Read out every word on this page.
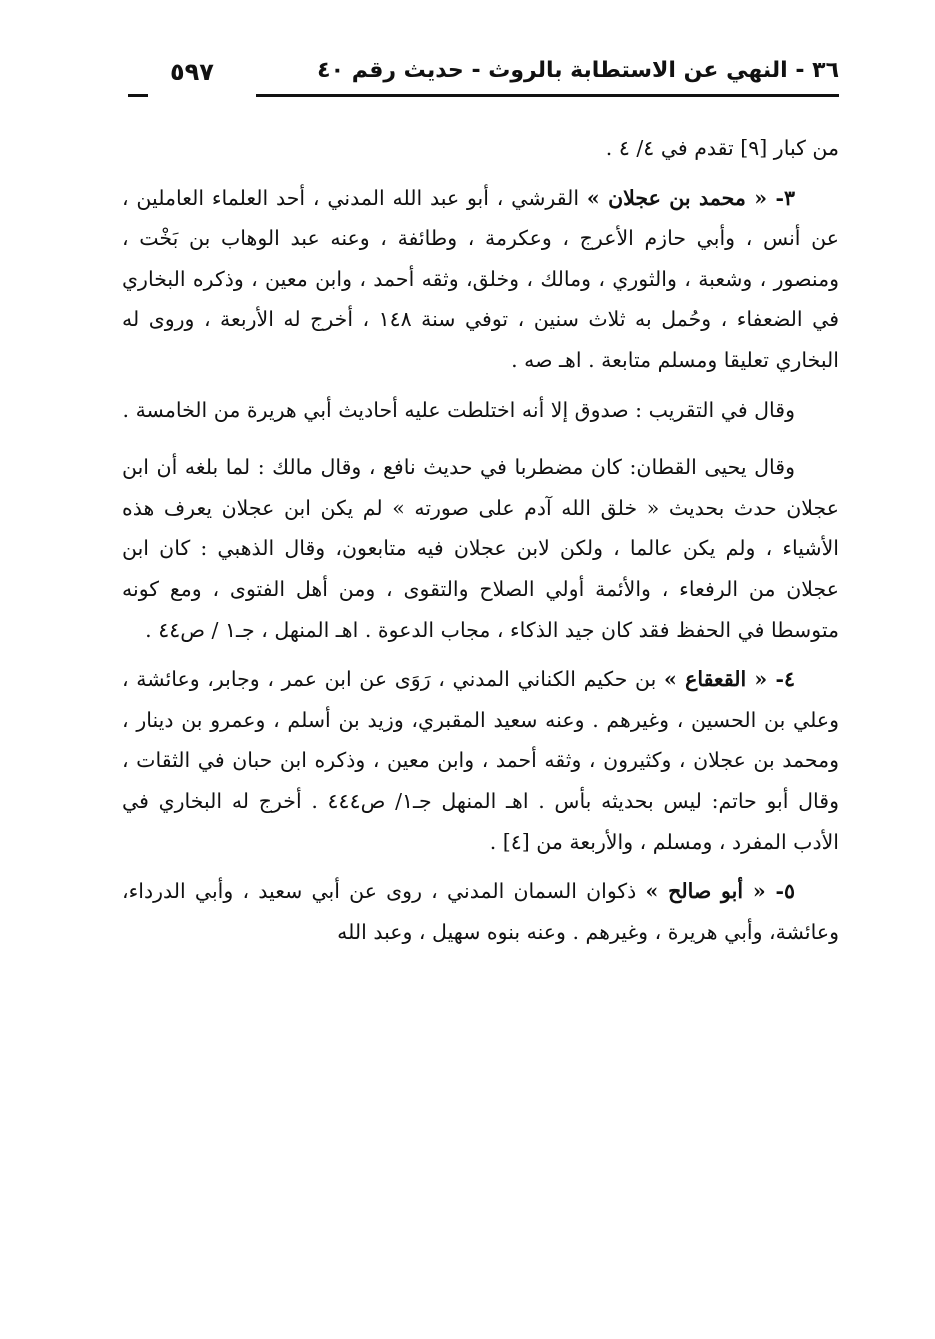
٣٦ - النهي عن الاستطابة بالروث - حديث رقم ٤٠
٥٩٧

من كبار [٩] تقدم في ٤/ ٤ .

٣- « محمد بن عجلان » القرشي ، أبو عبد الله المدني ، أحد العلماء العاملين ، عن أنس ، وأبي حازم الأعرج ، وعكرمة ، وطائفة ، وعنه عبد الوهاب بن بَخْت ، ومنصور ، وشعبة ، والثوري ، ومالك ، وخلق، وثقه أحمد ، وابن معين ، وذكره البخاري في الضعفاء ، وحُمل به ثلاث سنين ، توفي سنة ١٤٨ ، أخرج له الأربعة ، وروى له البخاري تعليقا ومسلم متابعة . اهـ صه .

وقال في التقريب : صدوق إلا أنه اختلطت عليه أحاديث أبي هريرة من الخامسة .

وقال يحيى القطان: كان مضطربا في حديث نافع ، وقال مالك : لما بلغه أن ابن عجلان حدث بحديث « خلق الله آدم على صورته » لم يكن ابن عجلان يعرف هذه الأشياء ، ولم يكن عالما ، ولكن لابن عجلان فيه متابعون، وقال الذهبي : كان ابن عجلان من الرفعاء ، والأئمة أولي الصلاح والتقوى ، ومن أهل الفتوى ، ومع كونه متوسطا في الحفظ فقد كان جيد الذكاء ، مجاب الدعوة . اهـ المنهل ، جـ١ / ص٤٤ .

٤- « القعقاع » بن حكيم الكناني المدني ، رَوَى عن ابن عمر ، وجابر، وعائشة ، وعلي بن الحسين ، وغيرهم . وعنه سعيد المقبري، وزيد بن أسلم ، وعمرو بن دينار ، ومحمد بن عجلان ، وكثيرون ، وثقه أحمد ، وابن معين ، وذكره ابن حبان في الثقات ، وقال أبو حاتم: ليس بحديثه بأس . اهـ المنهل جـ١/ ص٤٤٤ . أخرج له البخاري في الأدب المفرد ، ومسلم ، والأربعة من [٤] .

٥- « أبو صالح » ذكوان السمان المدني ، روى عن أبي سعيد ، وأبي الدرداء، وعائشة، وأبي هريرة ، وغيرهم . وعنه بنوه سهيل ، وعبد الله
